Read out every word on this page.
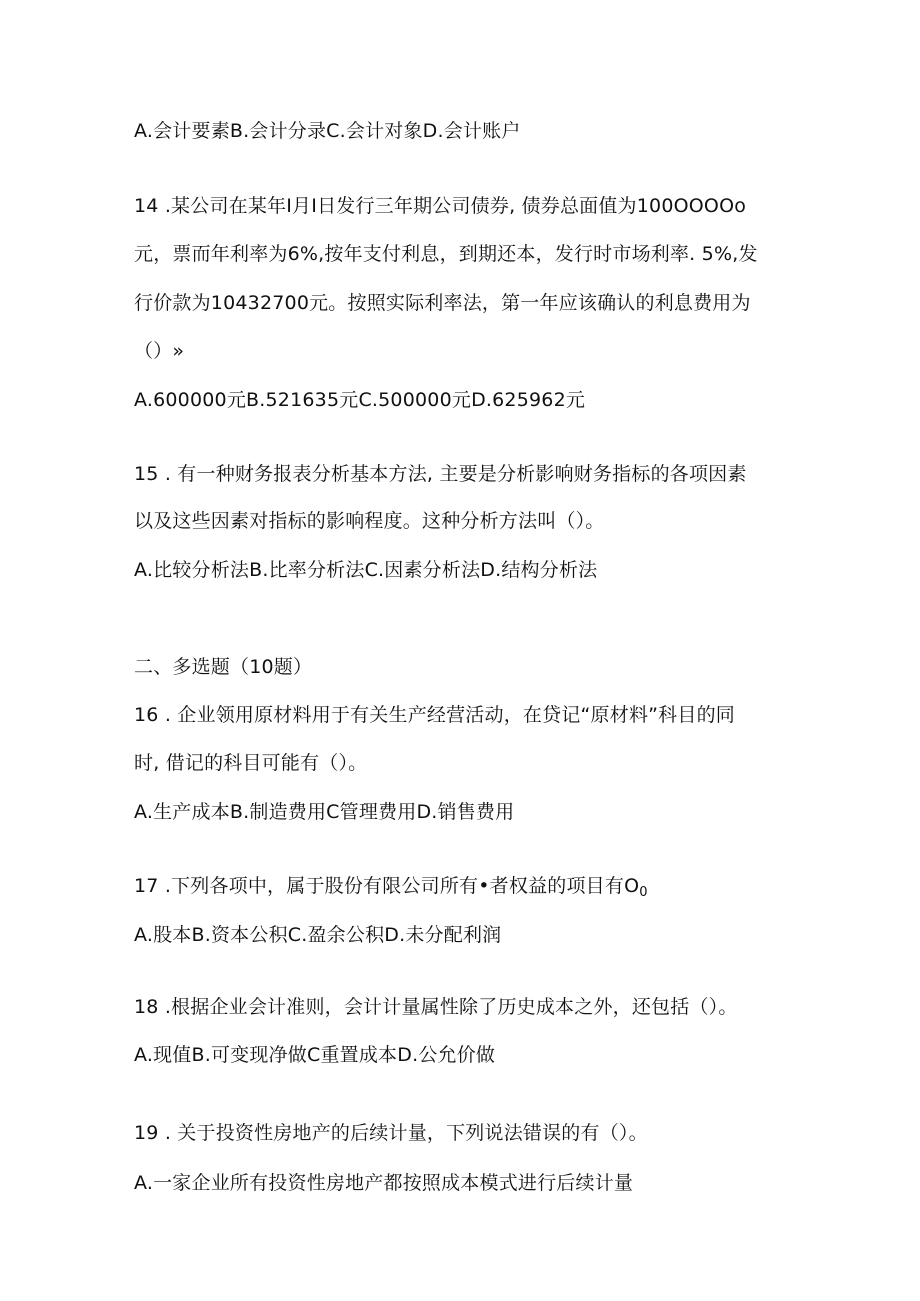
A.会计要素B.会计分录C.会计对象D.会计账户
14 .某公司在某年I月I日发行三年期公司债券, 债券总面值为100OOOOo
元，票而年利率为6%,按年支付利息，到期还本，发行时市场利率. 5%,发
行价款为10432700元。按照实际利率法，第一年应该确认的利息费用为
（）»
A.600000元B.521635元C.500000元D.625962元
15 . 有一种财务报表分析基本方法, 主要是分析影响财务指标的各项因素
以及这些因素对指标的影响程度。这种分析方法叫（）。
A.比较分析法B.比率分析法C.因素分析法D.结构分析法
二、多选题（10题）
16 . 企业领用原材料用于有关生产经营活动，在贷记“原材料”科目的同
时, 借记的科目可能有（）。
A.生产成本B.制造费用C管理费用D.销售费用
17 .下列各项中，属于股份有限公司所有•者权益的项目有$O_0$
A.股本B.资本公积C.盈余公积D.未分配利润
18 .根据企业会计准则，会计计量属性除了历史成本之外，还包括（）。
A.现值B.可变现净做C重置成本D.公允价做
19 . 关于投资性房地产的后续计量，下列说法错误的有（）。
A.一家企业所有投资性房地产都按照成本模式进行后续计量
